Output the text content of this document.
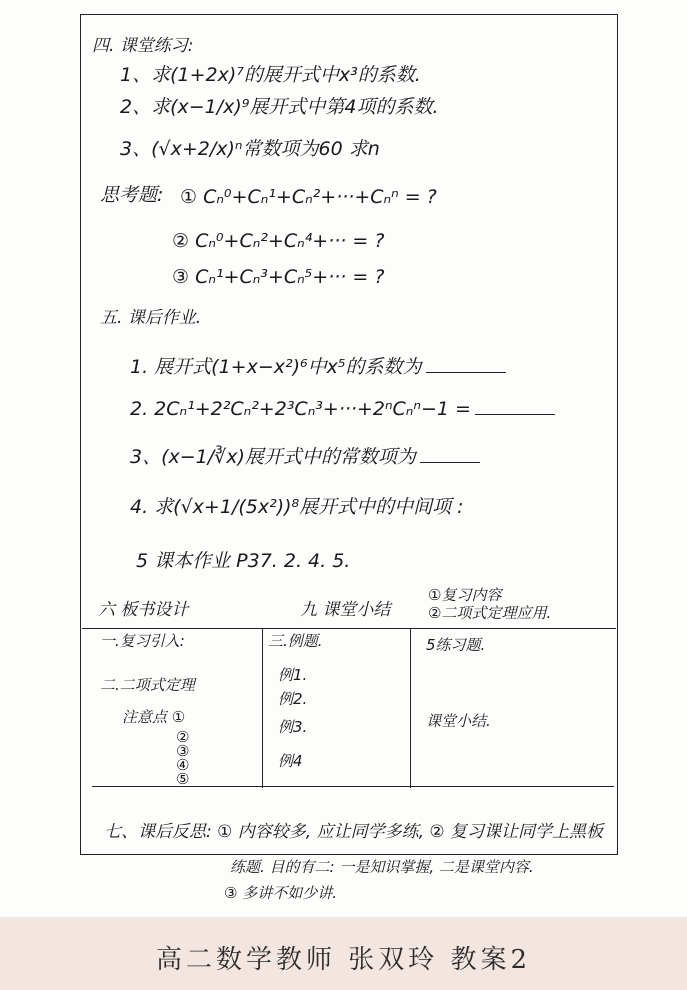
四. 课堂练习:
1、求(1+2x)⁷的展开式中x³的系数.
2、求(x−1/x)⁹展开式中第4项的系数.
3、(√x+2/x)ⁿ常数项为60 求n
思考题: ① Cₙ⁰+Cₙ¹+Cₙ²+···+Cₙⁿ = ?
② Cₙ⁰+Cₙ²+Cₙ⁴+··· = ?
③ Cₙ¹+Cₙ³+Cₙ⁵+··· = ?
五. 课后作业.
1. 展开式(1+x−x²)⁶中x⁵的系数为
2. 2Cₙ¹+2²Cₙ²+2³Cₙ³+···+2ⁿCₙⁿ−1 =
3、(x−1/∛x)展开式中的常数项为
4. 求(√x+1/(5x²))⁸展开式中的中间项 :
5 课本作业 P37. 2. 4. 5.
六 板书设计	九 课堂小结
①复习内容
②二项式定理应用.
一.复习引入:
二.二项式定理
注意点 ①
②
③
④
⑤
三.例题.
例1.
例2.
例3.
例4
5练习题.
课堂小结.
七、课后反思: ① 内容较多, 应让同学多练, ② 复习课让同学上黑板
练题. 目的有二: 一是知识掌握, 二是课堂内容.
③ 多讲不如少讲.
高二数学教师 张双玲 教案2
